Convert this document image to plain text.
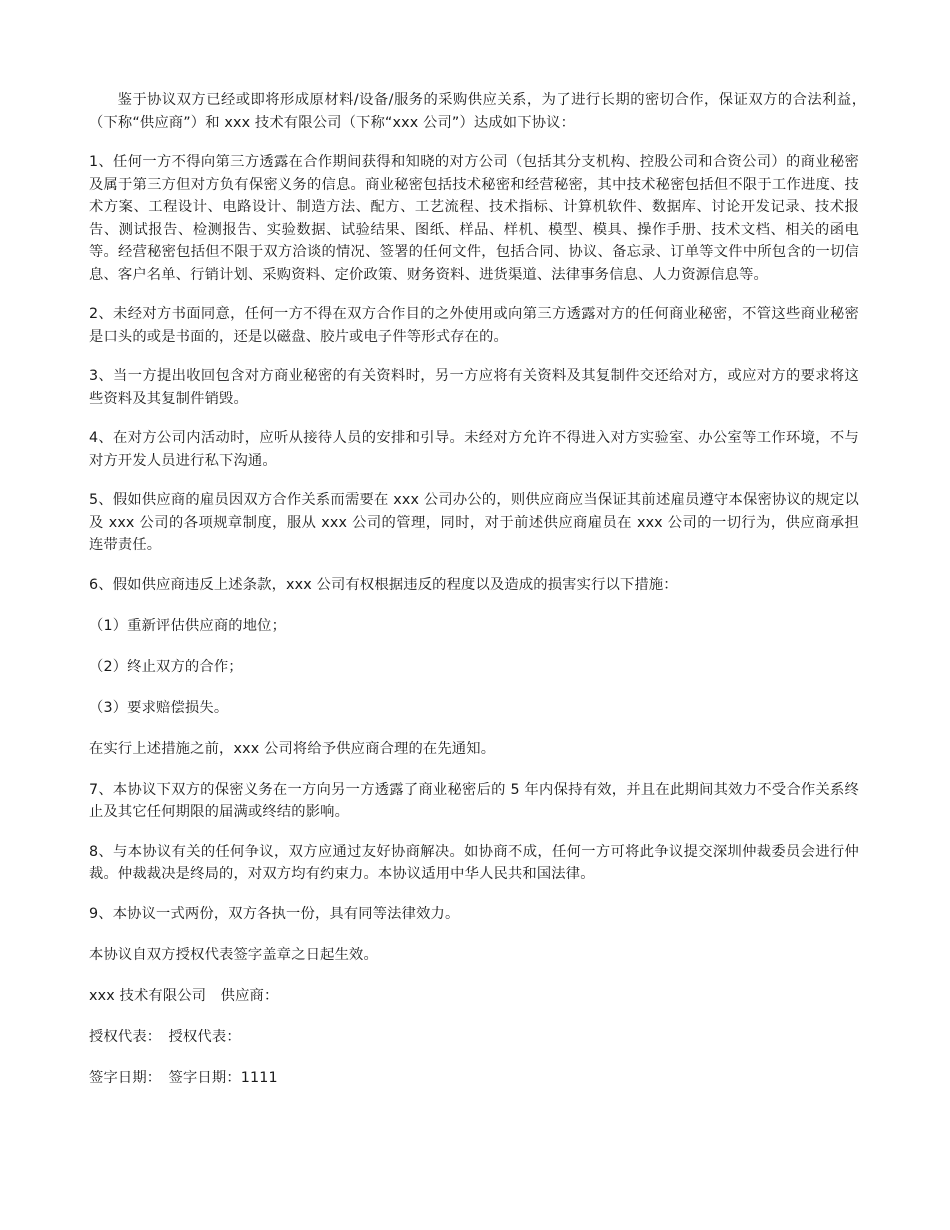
鉴于协议双方已经或即将形成原材料/设备/服务的采购供应关系，为了进行长期的密切合作，保证双方的合法利益，　（下称“供应商”）和 xxx 技术有限公司（下称“xxx 公司”）达成如下协议：

1、任何一方不得向第三方透露在合作期间获得和知晓的对方公司（包括其分支机构、控股公司和合资公司）的商业秘密及属于第三方但对方负有保密义务的信息。商业秘密包括技术秘密和经营秘密，其中技术秘密包括但不限于工作进度、技术方案、工程设计、电路设计、制造方法、配方、工艺流程、技术指标、计算机软件、数据库、讨论开发记录、技术报告、测试报告、检测报告、实验数据、试验结果、图纸、样品、样机、模型、模具、操作手册、技术文档、相关的函电等。经营秘密包括但不限于双方洽谈的情况、签署的任何文件，包括合同、协议、备忘录、订单等文件中所包含的一切信息、客户名单、行销计划、采购资料、定价政策、财务资料、进货渠道、法律事务信息、人力资源信息等。

2、未经对方书面同意，任何一方不得在双方合作目的之外使用或向第三方透露对方的任何商业秘密，不管这些商业秘密是口头的或是书面的，还是以磁盘、胶片或电子件等形式存在的。

3、当一方提出收回包含对方商业秘密的有关资料时，另一方应将有关资料及其复制件交还给对方，或应对方的要求将这些资料及其复制件销毁。

4、在对方公司内活动时，应听从接待人员的安排和引导。未经对方允许不得进入对方实验室、办公室等工作环境，不与对方开发人员进行私下沟通。

5、假如供应商的雇员因双方合作关系而需要在 xxx 公司办公的，则供应商应当保证其前述雇员遵守本保密协议的规定以及 xxx 公司的各项规章制度，服从 xxx 公司的管理，同时，对于前述供应商雇员在 xxx 公司的一切行为，供应商承担连带责任。

6、假如供应商违反上述条款，xxx 公司有权根据违反的程度以及造成的损害实行以下措施：

（1）重新评估供应商的地位；

（2）终止双方的合作；

（3）要求赔偿损失。

在实行上述措施之前，xxx 公司将给予供应商合理的在先通知。

7、本协议下双方的保密义务在一方向另一方透露了商业秘密后的 5 年内保持有效，并且在此期间其效力不受合作关系终止及其它任何期限的届满或终结的影响。

8、与本协议有关的任何争议，双方应通过友好协商解决。如协商不成，任何一方可将此争议提交深圳仲裁委员会进行仲裁。仲裁裁决是终局的，对双方均有约束力。本协议适用中华人民共和国法律。

9、本协议一式两份，双方各执一份，具有同等法律效力。

本协议自双方授权代表签字盖章之日起生效。

xxx 技术有限公司　供应商：

授权代表：　授权代表：

签字日期：　签字日期：1111
